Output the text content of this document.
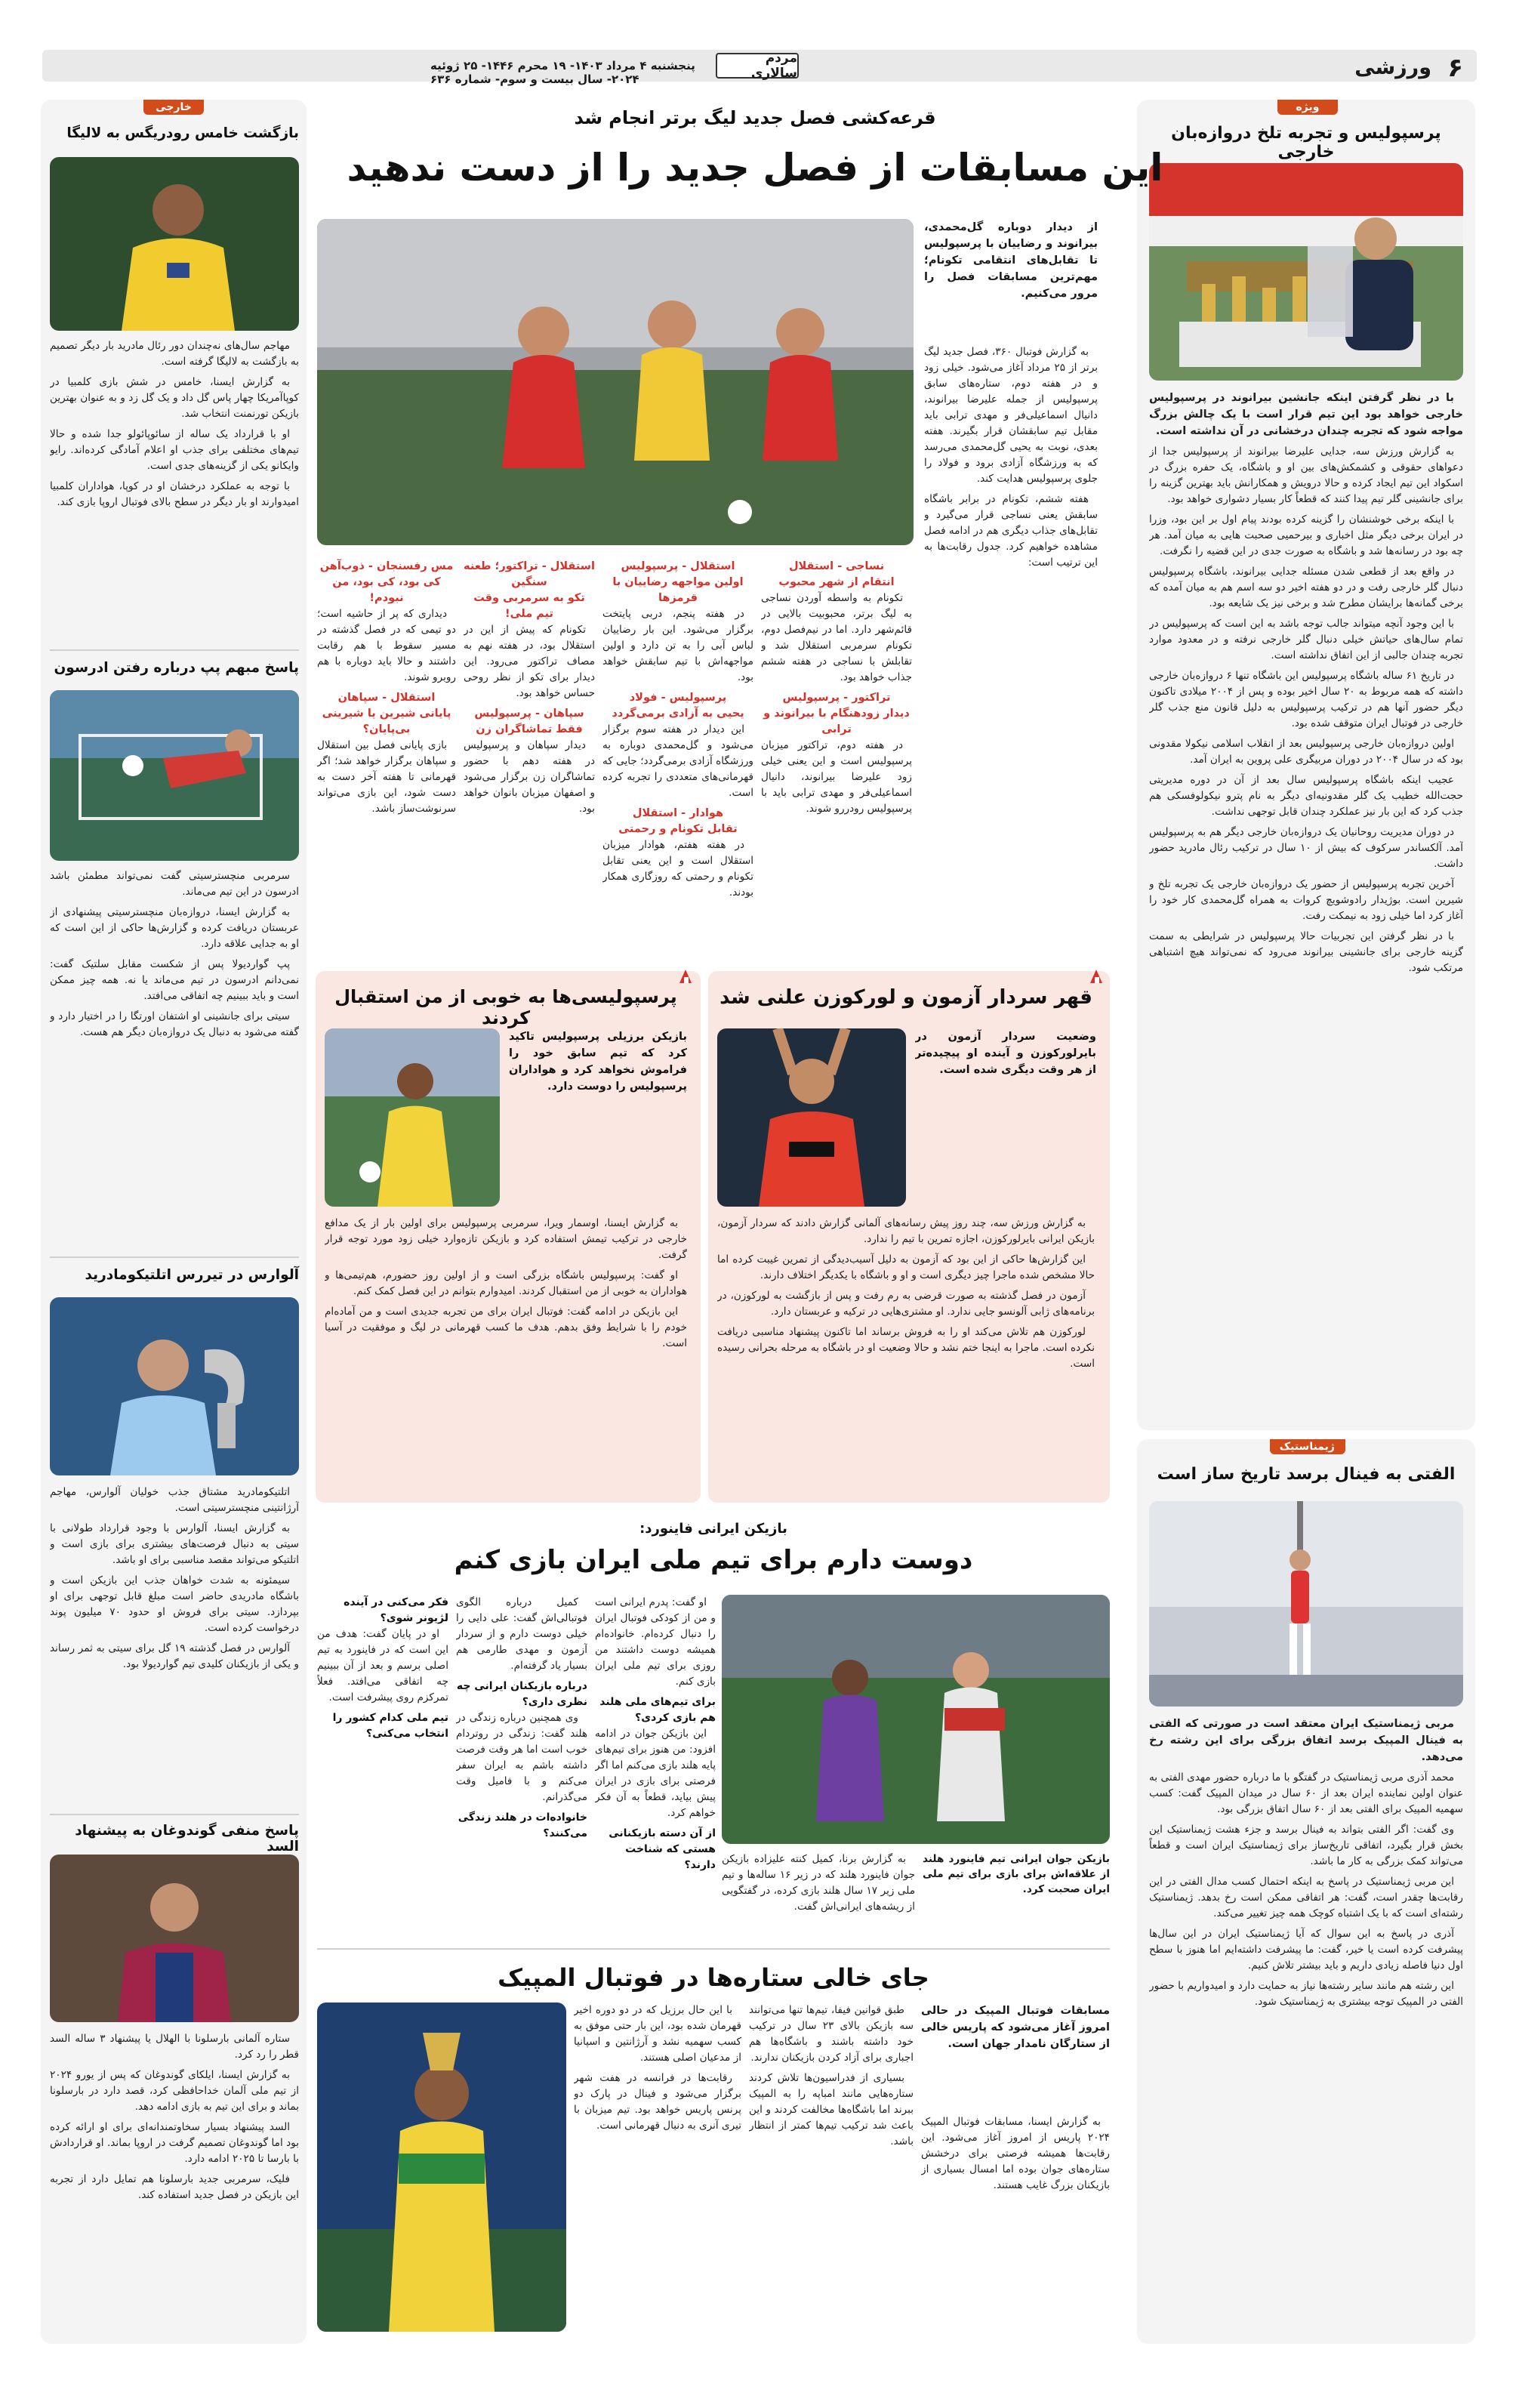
۶
ورزشی
مردم سالاری
پنجشنبه ۴ مرداد ۱۴۰۳- ۱۹ محرم ۱۴۴۶- ۲۵ ژوئیه ۲۰۲۴- سال بیست و سوم- شماره ۶۳۶
ویژه
پرسپولیس و تجربه تلخ دروازه‌بان خارجی

با در نظر گرفتن اینکه جانشین بیرانوند در پرسپولیس خارجی خواهد بود این تیم قرار است با یک چالش بزرگ مواجه شود که تجربه چندان درخشانی در آن نداشته است.

به گزارش ورزش سه، جدایی علیرضا بیرانوند از پرسپولیس جدا از دعواهای حقوقی و کشمکش‌های بین او و باشگاه، یک حفره بزرگ در اسکواد این تیم ایجاد کرده و حالا درویش و همکارانش باید بهترین گزینه را برای جانشینی گلر تیم پیدا کنند که قطعاً کار بسیار دشواری خواهد بود.

با اینکه برخی خوشنشان را گزینه کرده بودند پیام اول بر این بود، وزرا در ایران برخی دیگر مثل اخباری و بیرحمیی صحبت هایی به میان آمد. هر چه بود در رسانه‌ها شد و باشگاه به صورت جدی در این قضیه را نگرفت.

در واقع بعد از قطعی شدن مسئله جدایی بیرانوند، باشگاه پرسپولیس دنبال گلر خارجی رفت و در دو هفته اخیر دو سه اسم هم به میان آمده که برخی گمانه‌ها برایشان مطرح شد و برخی نیز یک شایعه بود.

با این وجود آنچه میتواند جالب توجه باشد به این است که پرسپولیس در تمام سال‌های حیاتش خیلی دنبال گلر خارجی نرفته و در معدود موارد تجربه چندان جالبی از این اتفاق نداشته است.

در تاریخ ۶۱ ساله باشگاه پرسپولیس این باشگاه تنها ۶ دروازه‌بان خارجی داشته که همه مربوط به ۲۰ سال اخیر بوده و پس از ۲۰۰۴ میلادی تاکنون دیگر حضور آنها هم در ترکیب پرسپولیس به دلیل قانون منع جذب گلر خارجی در فوتبال ایران متوقف شده بود.

اولین دروازه‌بان خارجی پرسپولیس بعد از انقلاب اسلامی نیکولا مقدونی بود که در سال ۲۰۰۴ در دوران مربیگری علی پروین به ایران آمد.

عجیب اینکه باشگاه پرسپولیس سال بعد از آن در دوره مدیریتی حجت‌الله خطیب یک گلر مقدونیه‌ای دیگر به نام پترو نیکولوفسکی هم جذب کرد که این بار نیز عملکرد چندان قابل توجهی نداشت.

در دوران مدیریت روحانیان یک دروازه‌بان خارجی دیگر هم به پرسپولیس آمد. آلکساندر سرکوف که بیش از ۱۰ سال در ترکیب رئال مادرید حضور داشت.

آخرین تجربه پرسپولیس از حضور یک دروازه‌بان خارجی یک تجربه تلخ و شیرین است. بوژیدار رادوشویچ کروات به همراه گل‌محمدی کار خود را آغاز کرد اما خیلی زود به نیمکت رفت.

با در نظر گرفتن این تجربیات حالا پرسپولیس در شرایطی به سمت گزینه خارجی برای جانشینی بیرانوند می‌رود که نمی‌تواند هیچ اشتباهی مرتکب شود.

ژیمناستیک
الفتی به فینال برسد تاریخ ساز است

مربی ژیمناستیک ایران معتقد است در صورتی که الفتی به فینال المپیک برسد اتفاق بزرگی برای این رشته رخ می‌دهد.

محمد آذری مربی ژیمناستیک در گفتگو با ما درباره حضور مهدی الفتی به عنوان اولین نماینده ایران بعد از ۶۰ سال در میدان المپیک گفت: کسب سهمیه المپیک برای الفتی بعد از ۶۰ سال اتفاق بزرگی بود.

وی گفت: اگر الفتی بتواند به فینال برسد و جزء هشت ژیمناستیک این بخش قرار بگیرد، اتفاقی تاریخ‌ساز برای ژیمناستیک ایران است و قطعاً می‌تواند کمک بزرگی به کار ما باشد.

این مربی ژیمناستیک در پاسخ به اینکه احتمال کسب مدال الفتی در این رقابت‌ها چقدر است، گفت: هر اتفاقی ممکن است رخ بدهد. ژیمناستیک رشته‌ای است که با یک اشتباه کوچک همه چیز تغییر می‌کند.

آذری در پاسخ به این سوال که آیا ژیمناستیک ایران در این سال‌ها پیشرفت کرده است یا خیر، گفت: ما پیشرفت داشته‌ایم اما هنوز با سطح اول دنیا فاصله زیادی داریم و باید بیشتر تلاش کنیم.

این رشته هم مانند سایر رشته‌ها نیاز به حمایت دارد و امیدواریم با حضور الفتی در المپیک توجه بیشتری به ژیمناستیک شود.

خارجی
بازگشت خامس رودریگس به لالیگا

مهاجم سال‌های نه‌چندان دور رئال مادرید بار دیگر تصمیم به بازگشت به لالیگا گرفته است.

به گزارش ایسنا، خامس در شش بازی کلمبیا در کوپا‌آمریکا چهار پاس گل داد و یک گل زد و به عنوان بهترین بازیکن تورنمنت انتخاب شد.

او با قرارداد یک ساله از سائوپائولو جدا شده و حالا تیم‌های مختلفی برای جذب او اعلام آمادگی کرده‌اند. رایو وایکانو یکی از گزینه‌های جدی است.

با توجه به عملکرد درخشان او در کوپا، هواداران کلمبیا امیدوارند او بار دیگر در سطح بالای فوتبال اروپا بازی کند.

پاسخ مبهم پپ درباره رفتن ادرسون

سرمربی منچسترسیتی گفت نمی‌تواند مطمئن باشد ادرسون در این تیم می‌ماند.

به گزارش ایسنا، دروازه‌بان منچسترسیتی پیشنهادی از عربستان دریافت کرده و گزارش‌ها حاکی از این است که او به جدایی علاقه دارد.

پپ گواردیولا پس از شکست مقابل سلتیک گفت: نمی‌دانم ادرسون در تیم می‌ماند یا نه. همه چیز ممکن است و باید ببینیم چه اتفاقی می‌افتد.

سیتی برای جانشینی او اشتفان اورتگا را در اختیار دارد و گفته می‌شود به دنبال یک دروازه‌بان دیگر هم هست.

آلوارس در تیررس اتلتیکومادرید

اتلتیکومادرید مشتاق جذب خولیان آلوارس، مهاجم آرژانتینی منچسترسیتی است.

به گزارش ایسنا، آلوارس با وجود قرارداد طولانی با سیتی به دنبال فرصت‌های بیشتری برای بازی است و اتلتیکو می‌تواند مقصد مناسبی برای او باشد.

سیمئونه به شدت خواهان جذب این بازیکن است و باشگاه مادریدی حاضر است مبلغ قابل توجهی برای او بپردازد. سیتی برای فروش او حدود ۷۰ میلیون پوند درخواست کرده است.

آلوارس در فصل گذشته ۱۹ گل برای سیتی به ثمر رساند و یکی از بازیکنان کلیدی تیم گواردیولا بود.

پاسخ منفی گوندوغان به پیشنهاد السد

ستاره آلمانی بارسلونا با الهلال یا پیشنهاد ۳ ساله السد قطر را رد کرد.

به گزارش ایسنا، ایلکای گوندوغان که پس از یورو ۲۰۲۴ از تیم ملی آلمان خداحافظی کرد، قصد دارد در بارسلونا بماند و برای این تیم به بازی ادامه دهد.

السد پیشنهاد بسیار سخاوتمندانه‌ای برای او ارائه کرده بود اما گوندوغان تصمیم گرفت در اروپا بماند. او قراردادش با بارسا تا ۲۰۲۵ ادامه دارد.

فلیک، سرمربی جدید بارسلونا هم تمایل دارد از تجربه این بازیکن در فصل جدید استفاده کند.

قرعه‌کشی فصل جدید لیگ برتر انجام شد
این مسابقات از فصل جدید را از دست ندهید
از دیدار دوباره گل‌محمدی، بیرانوند و رضاییان با پرسپولیس تا تقابل‌های انتقامی تکونام؛ مهم‌ترین مسابقات فصل را مرور می‌کنیم.

به گزارش فوتبال ۳۶۰، فصل جدید لیگ برتر از ۲۵ مرداد آغاز می‌شود. خیلی زود و در هفته دوم، ستاره‌های سابق پرسپولیس از جمله علیرضا بیرانوند، دانیال اسماعیلی‌فر و مهدی ترابی باید مقابل تیم سابقشان قرار بگیرند. هفته بعدی، نوبت به یحیی گل‌محمدی می‌رسد که به ورزشگاه آزادی برود و فولاد را جلوی پرسپولیس هدایت کند.

هفته ششم، تکونام در برابر باشگاه سابقش یعنی نساجی قرار می‌گیرد و تقابل‌های جذاب دیگری هم در ادامه فصل مشاهده خواهیم کرد. جدول رقابت‌ها به این ترتیب است:

نساجی - استقلال
انتقام از شهر محبوب

تکونام به واسطه آوردن نساجی به لیگ برتر، محبوبیت بالایی در قائم‌شهر دارد. اما در نیم‌فصل دوم، تکونام سرمربی استقلال شد و تقابلش با نساجی در هفته ششم جذاب خواهد بود.

تراکتور - پرسپولیس
دیدار زودهنگام با بیرانوند و ترابی

در هفته دوم، تراکتور میزبان پرسپولیس است و این یعنی خیلی زود علیرضا بیرانوند، دانیال اسماعیلی‌فر و مهدی ترابی باید با پرسپولیس رودررو شوند.

استقلال - پرسپولیس
اولین مواجهه رضاییان با قرمزها

در هفته پنجم، دربی پایتخت برگزار می‌شود. این بار رضاییان لباس آبی را به تن دارد و اولین مواجهه‌اش با تیم سابقش خواهد بود.

پرسپولیس - فولاد
یحیی به آزادی برمی‌گردد

این دیدار در هفته سوم برگزار می‌شود و گل‌محمدی دوباره به ورزشگاه آزادی برمی‌گردد؛ جایی که قهرمانی‌های متعددی را تجربه کرده است.

هوادار - استقلال
تقابل تکونام و رحمتی

در هفته هفتم، هوادار میزبان استقلال است و این یعنی تقابل تکونام و رحمتی که روزگاری همکار بودند.

استقلال - تراکتور؛ طعنه سنگین
تکو به سرمربی وقت تیم ملی!

تکونام که پیش از این در استقلال بود، در هفته نهم به مصاف تراکتور می‌رود. این دیدار برای تکو از نظر روحی حساس خواهد بود.

سپاهان - پرسپولیس
فقط تماشاگران زن

دیدار سپاهان و پرسپولیس در هفته دهم با حضور تماشاگران زن برگزار می‌شود و اصفهان میزبان بانوان خواهد بود.

مس رفسنجان - ذوب‌آهن
کی بود، کی بود، من نبودم!

دیداری که پر از حاشیه است؛ دو تیمی که در فصل گذشته در مسیر سقوط با هم رقابت داشتند و حالا باید دوباره با هم روبرو شوند.

استقلال - سپاهان
پایانی شیرین یا شیرینی بی‌پایان؟

بازی پایانی فصل بین استقلال و سپاهان برگزار خواهد شد؛ اگر قهرمانی تا هفته آخر دست به دست شود، این بازی می‌تواند سرنوشت‌ساز باشد.

قهر سردار آزمون و لورکوزن علنی شد
وضعیت سردار آزمون در بایرلورکوزن و آینده او پیچیده‌تر از هر وقت دیگری شده است.

به گزارش ورزش سه، چند روز پیش رسانه‌های آلمانی گزارش دادند که سردار آزمون، بازیکن ایرانی بایرلورکوزن، اجازه تمرین با تیم را ندارد.

این گزارش‌ها حاکی از این بود که آزمون به دلیل آسیب‌دیدگی از تمرین غیبت کرده اما حالا مشخص شده ماجرا چیز دیگری است و او و باشگاه با یکدیگر اختلاف دارند.

آزمون در فصل گذشته به صورت قرضی به رم رفت و پس از بازگشت به لورکوزن، در برنامه‌های ژابی آلونسو جایی ندارد. او مشتری‌هایی در ترکیه و عربستان دارد.

لورکوزن هم تلاش می‌کند او را به فروش برساند اما تاکنون پیشنهاد مناسبی دریافت نکرده است. ماجرا به اینجا ختم نشد و حالا وضعیت او در باشگاه به مرحله بحرانی رسیده است.

پرسپولیسی‌ها به خوبی از من استقبال کردند
بازیکن برزیلی پرسپولیس تاکید کرد که تیم سابق خود را فراموش نخواهد کرد و هواداران پرسپولیس را دوست دارد.

به گزارش ایسنا، اوسمار ویرا، سرمربی پرسپولیس برای اولین بار از یک مدافع خارجی در ترکیب تیمش استفاده کرد و بازیکن تازه‌وارد خیلی زود مورد توجه قرار گرفت.

او گفت: پرسپولیس باشگاه بزرگی است و از اولین روز حضورم، هم‌تیمی‌ها و هواداران به خوبی از من استقبال کردند. امیدوارم بتوانم در این فصل کمک کنم.

این بازیکن در ادامه گفت: فوتبال ایران برای من تجربه جدیدی است و من آماده‌ام خودم را با شرایط وفق بدهم. هدف ما کسب قهرمانی در لیگ و موفقیت در آسیا است.

بازیکن ایرانی فاینورد:
دوست دارم برای تیم ملی ایران بازی کنم
بازیکن جوان ایرانی تیم فاینورد هلند از علاقه‌اش برای بازی برای تیم ملی ایران صحبت کرد.

به گزارش برنا، کمیل کنته علیزاده بازیکن جوان فاینورد هلند که در زیر ۱۶ ساله‌ها و تیم ملی زیر ۱۷ سال هلند بازی کرده، در گفتگویی از ریشه‌های ایرانی‌اش گفت.

او گفت: پدرم ایرانی است و من از کودکی فوتبال ایران را دنبال کرده‌ام. خانواده‌ام همیشه دوست داشتند من روزی برای تیم ملی ایران بازی کنم.

برای تیم‌های ملی هلند هم بازی کردی؟

این بازیکن جوان در ادامه افزود: من هنوز برای تیم‌های پایه هلند بازی می‌کنم اما اگر فرصتی برای بازی در ایران پیش بیاید، قطعاً به آن فکر خواهم کرد.

از آن دسته بازیکنانی هستی که شناخت دارند؟

کمیل درباره الگوی فوتبالی‌اش گفت: علی دایی را خیلی دوست دارم و از سردار آزمون و مهدی طارمی هم بسیار یاد گرفته‌ام.

درباره بازیکنان ایرانی چه نظری داری؟

وی همچنین درباره زندگی در هلند گفت: زندگی در روتردام خوب است اما هر وقت فرصت داشته باشم به ایران سفر می‌کنم و با فامیل وقت می‌گذرانم.

خانواده‌ات در هلند زندگی می‌کنند؟
فکر می‌کنی در آینده لژیونر شوی؟

او در پایان گفت: هدف من این است که در فاینورد به تیم اصلی برسم و بعد از آن ببینیم چه اتفاقی می‌افتد. فعلاً تمرکزم روی پیشرفت است.

تیم ملی کدام کشور را انتخاب می‌کنی؟
جای خالی ستاره‌ها در فوتبال المپیک
مسابقات فوتبال المپیک در حالی امروز آغاز می‌شود که پاریس خالی از ستارگان نامدار جهان است.

به گزارش ایسنا، مسابقات فوتبال المپیک ۲۰۲۴ پاریس از امروز آغاز می‌شود. این رقابت‌ها همیشه فرصتی برای درخشش ستاره‌های جوان بوده اما امسال بسیاری از بازیکنان بزرگ غایب هستند.

طبق قوانین فیفا، تیم‌ها تنها می‌توانند سه بازیکن بالای ۲۳ سال در ترکیب خود داشته باشند و باشگاه‌ها هم اجباری برای آزاد کردن بازیکنان ندارند.

بسیاری از فدراسیون‌ها تلاش کردند ستاره‌هایی مانند امباپه را به المپیک ببرند اما باشگاه‌ها مخالفت کردند و این باعث شد ترکیب تیم‌ها کمتر از انتظار باشد.

با این حال برزیل که در دو دوره اخیر قهرمان شده بود، این بار حتی موفق به کسب سهمیه نشد و آرژانتین و اسپانیا از مدعیان اصلی هستند.

رقابت‌ها در فرانسه در هفت شهر برگزار می‌شود و فینال در پارک دو پرنس پاریس خواهد بود. تیم میزبان با تیری آنری به دنبال قهرمانی است.
